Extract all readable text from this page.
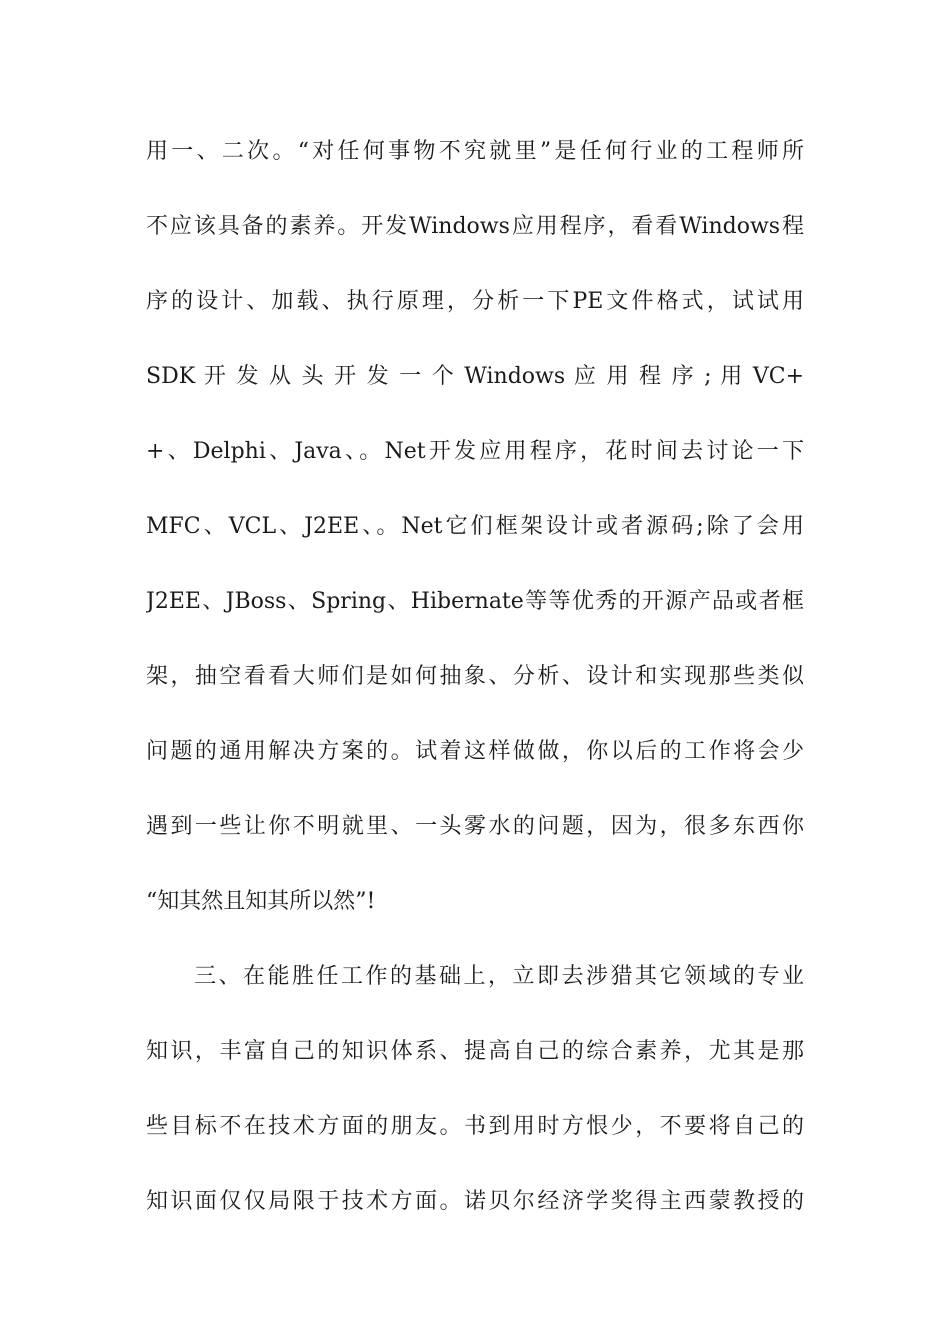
用一、二次。“对任何事物不究就里”是任何行业的工程师所
不应该具备的素养。开发Windows应用程序，看看Windows程
序的设计、加载、执行原理，分析一下PE文件格式，试试用
SDK 开 发 从 头 开 发 一 个 Windows 应 用 程 序 ; 用 VC+
+、Delphi、Java、。Net开发应用程序，花时间去讨论一下
MFC、VCL、J2EE、。Net它们框架设计或者源码;除了会用
J2EE、JBoss、Spring、Hibernate等等优秀的开源产品或者框
架，抽空看看大师们是如何抽象、分析、设计和实现那些类似
问题的通用解决方案的。试着这样做做，你以后的工作将会少
遇到一些让你不明就里、一头雾水的问题，因为，很多东西你
“知其然且知其所以然”!
三、在能胜任工作的基础上，立即去涉猎其它领域的专业
知识，丰富自己的知识体系、提高自己的综合素养，尤其是那
些目标不在技术方面的朋友。书到用时方恨少，不要将自己的
知识面仅仅局限于技术方面。诺贝尔经济学奖得主西蒙教授的
